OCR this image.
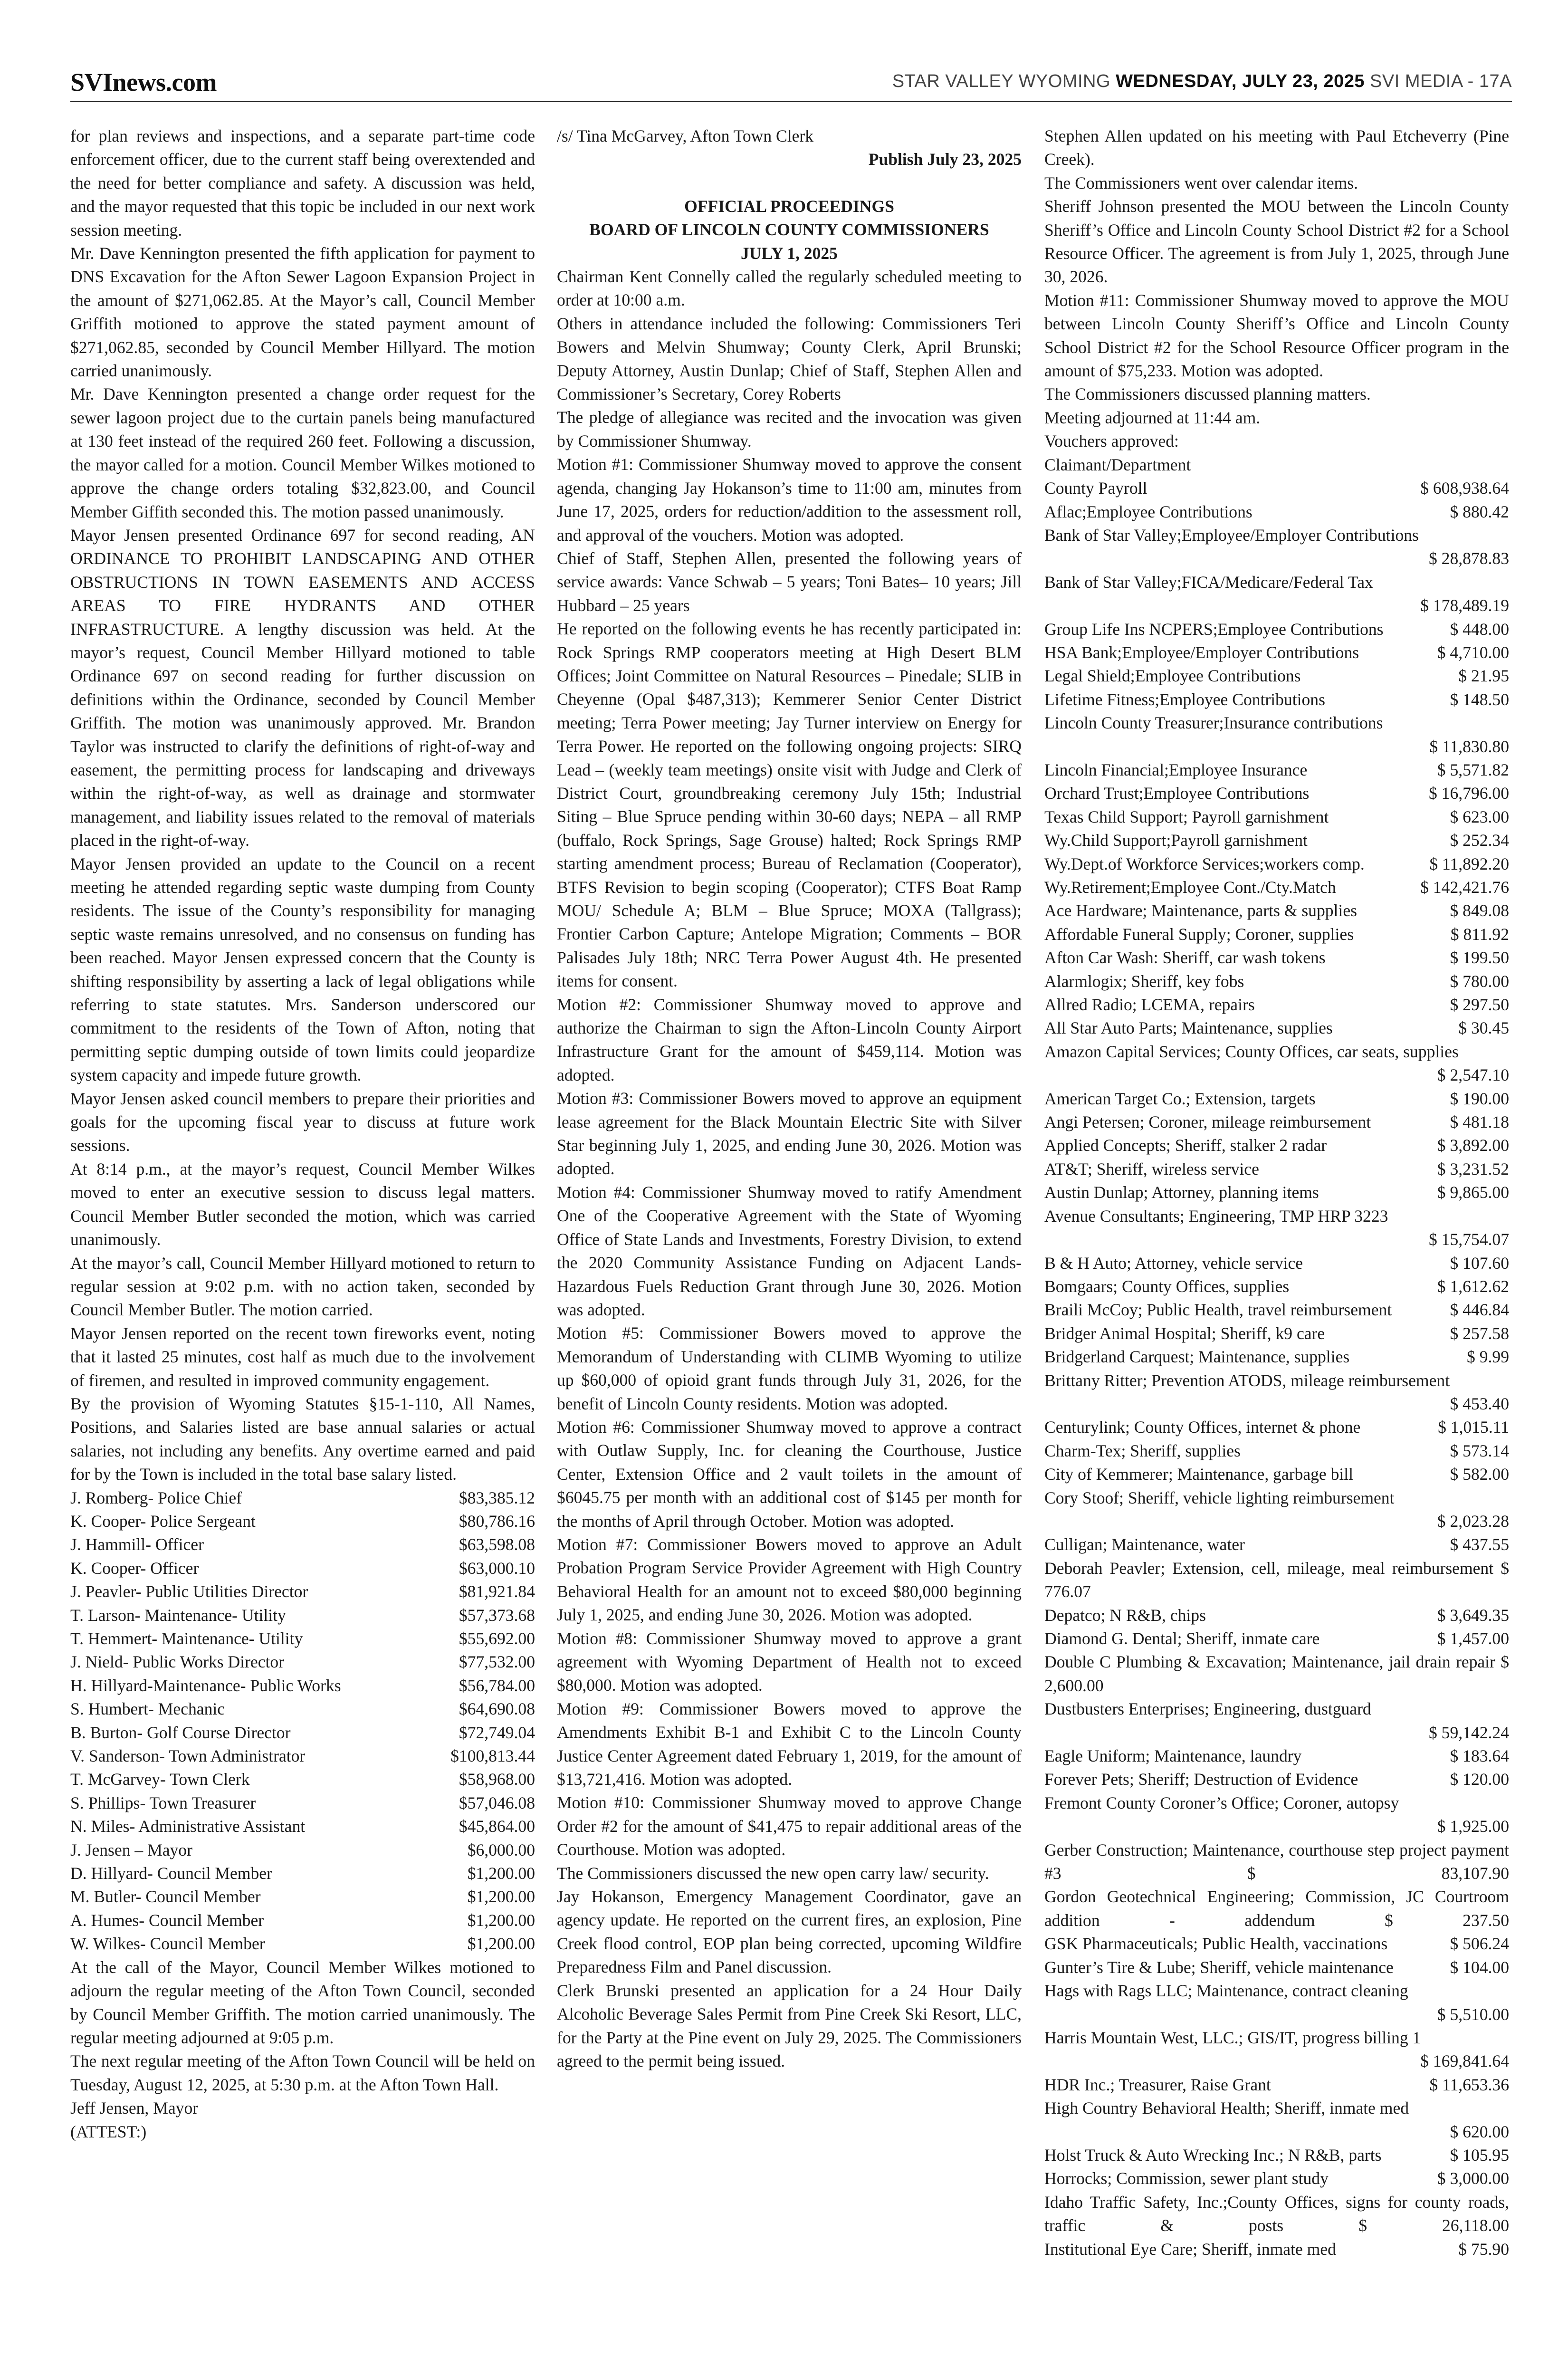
SVInews.com	STAR VALLEY WYOMING WEDNESDAY, JULY 23, 2025 SVI MEDIA - 17A

for plan reviews and inspections, and a separate part-time code enforcement officer, due to the current staff being overextended and the need for better compliance and safety. A discussion was held, and the mayor requested that this topic be included in our next work session meeting.

Mr. Dave Kennington presented the fifth application for payment to DNS Excavation for the Afton Sewer Lagoon Expansion Project in the amount of $271,062.85. At the Mayor’s call, Council Member Griffith motioned to approve the stated payment amount of $271,062.85, seconded by Council Member Hillyard. The motion carried unanimously.

Mr. Dave Kennington presented a change order request for the sewer lagoon project due to the curtain panels being manufactured at 130 feet instead of the required 260 feet. Following a discussion, the mayor called for a motion. Council Member Wilkes motioned to approve the change orders totaling $32,823.00, and Council Member Giffith seconded this. The motion passed unanimously.

Mayor Jensen presented Ordinance 697 for second reading, AN ORDINANCE TO PROHIBIT LANDSCAPING AND OTHER OBSTRUCTIONS IN TOWN EASEMENTS AND ACCESS AREAS TO FIRE HYDRANTS AND OTHER INFRASTRUCTURE. A lengthy discussion was held. At the mayor’s request, Council Member Hillyard motioned to table Ordinance 697 on second reading for further discussion on definitions within the Ordinance, seconded by Council Member Griffith. The motion was unanimously approved. Mr. Brandon Taylor was instructed to clarify the definitions of right-of-way and easement, the permitting process for landscaping and driveways within the right-of-way, as well as drainage and stormwater management, and liability issues related to the removal of materials placed in the right-of-way.

Mayor Jensen provided an update to the Council on a recent meeting he attended regarding septic waste dumping from County residents. The issue of the County’s responsibility for managing septic waste remains unresolved, and no consensus on funding has been reached. Mayor Jensen expressed concern that the County is shifting responsibility by asserting a lack of legal obligations while referring to state statutes. Mrs. Sanderson underscored our commitment to the residents of the Town of Afton, noting that permitting septic dumping outside of town limits could jeopardize system capacity and impede future growth.

Mayor Jensen asked council members to prepare their priorities and goals for the upcoming fiscal year to discuss at future work sessions.

At 8:14 p.m., at the mayor’s request, Council Member Wilkes moved to enter an executive session to discuss legal matters. Council Member Butler seconded the motion, which was carried unanimously.

At the mayor’s call, Council Member Hillyard motioned to return to regular session at 9:02 p.m. with no action taken, seconded by Council Member Butler. The motion carried.

Mayor Jensen reported on the recent town fireworks event, noting that it lasted 25 minutes, cost half as much due to the involvement of firemen, and resulted in improved community engagement.

By the provision of Wyoming Statutes §15-1-110, All Names, Positions, and Salaries listed are base annual salaries or actual salaries, not including any benefits. Any overtime earned and paid for by the Town is included in the total base salary listed.

J. Romberg- Police Chief	$83,385.12
K. Cooper- Police Sergeant	$80,786.16
J. Hammill- Officer	$63,598.08
K. Cooper- Officer	$63,000.10
J. Peavler- Public Utilities Director	$81,921.84
T. Larson- Maintenance- Utility	$57,373.68
T. Hemmert- Maintenance- Utility	$55,692.00
J. Nield- Public Works Director	$77,532.00
H. Hillyard-Maintenance- Public Works	$56,784.00
S. Humbert- Mechanic	$64,690.08
B. Burton- Golf Course Director	$72,749.04
V. Sanderson- Town Administrator	$100,813.44
T. McGarvey- Town Clerk	$58,968.00
S. Phillips- Town Treasurer	$57,046.08
N. Miles- Administrative Assistant	$45,864.00
J. Jensen – Mayor	$6,000.00
D. Hillyard- Council Member	$1,200.00
M. Butler- Council Member	$1,200.00
A. Humes- Council Member	$1,200.00
W. Wilkes- Council Member	$1,200.00

At the call of the Mayor, Council Member Wilkes motioned to adjourn the regular meeting of the Afton Town Council, seconded by Council Member Griffith. The motion carried unanimously. The regular meeting adjourned at 9:05 p.m.

The next regular meeting of the Afton Town Council will be held on Tuesday, August 12, 2025, at 5:30 p.m. at the Afton Town Hall.

Jeff Jensen, Mayor

(ATTEST:)

/s/ Tina McGarvey, Afton Town Clerk

Publish July 23, 2025

OFFICIAL PROCEEDINGS

BOARD OF LINCOLN COUNTY COMMISSIONERS

JULY 1, 2025

Chairman Kent Connelly called the regularly scheduled meeting to order at 10:00 a.m.

Others in attendance included the following: Commissioners Teri Bowers and Melvin Shumway; County Clerk, April Brunski; Deputy Attorney, Austin Dunlap; Chief of Staff, Stephen Allen and Commissioner’s Secretary, Corey Roberts

The pledge of allegiance was recited and the invocation was given by Commissioner Shumway.

Motion #1: Commissioner Shumway moved to approve the consent agenda, changing Jay Hokanson’s time to 11:00 am, minutes from June 17, 2025, orders for reduction/addition to the assessment roll, and approval of the vouchers. Motion was adopted.

Chief of Staff, Stephen Allen, presented the following years of service awards: Vance Schwab – 5 years; Toni Bates– 10 years; Jill Hubbard – 25 years

He reported on the following events he has recently participated in: Rock Springs RMP cooperators meeting at High Desert BLM Offices; Joint Committee on Natural Resources – Pinedale; SLIB in Cheyenne (Opal $487,313); Kemmerer Senior Center District meeting; Terra Power meeting; Jay Turner interview on Energy for Terra Power. He reported on the following ongoing projects: SIRQ Lead – (weekly team meetings) onsite visit with Judge and Clerk of District Court, groundbreaking ceremony July 15th; Industrial Siting – Blue Spruce pending within 30-60 days; NEPA – all RMP (buffalo, Rock Springs, Sage Grouse) halted; Rock Springs RMP starting amendment process; Bureau of Reclamation (Cooperator), BTFS Revision to begin scoping (Cooperator); CTFS Boat Ramp MOU/ Schedule A; BLM – Blue Spruce; MOXA (Tallgrass); Frontier Carbon Capture; Antelope Migration; Comments – BOR Palisades July 18th; NRC Terra Power August 4th. He presented items for consent.

Motion #2: Commissioner Shumway moved to approve and authorize the Chairman to sign the Afton-Lincoln County Airport Infrastructure Grant for the amount of $459,114. Motion was adopted.

Motion #3: Commissioner Bowers moved to approve an equipment lease agreement for the Black Mountain Electric Site with Silver Star beginning July 1, 2025, and ending June 30, 2026. Motion was adopted.

Motion #4: Commissioner Shumway moved to ratify Amendment One of the Cooperative Agreement with the State of Wyoming Office of State Lands and Investments, Forestry Division, to extend the 2020 Community Assistance Funding on Adjacent Lands-Hazardous Fuels Reduction Grant through June 30, 2026. Motion was adopted.

Motion #5: Commissioner Bowers moved to approve the Memorandum of Understanding with CLIMB Wyoming to utilize up $60,000 of opioid grant funds through July 31, 2026, for the benefit of Lincoln County residents. Motion was adopted.

Motion #6: Commissioner Shumway moved to approve a contract with Outlaw Supply, Inc. for cleaning the Courthouse, Justice Center, Extension Office and 2 vault toilets in the amount of $6045.75 per month with an additional cost of $145 per month for the months of April through October. Motion was adopted.

Motion #7: Commissioner Bowers moved to approve an Adult Probation Program Service Provider Agreement with High Country Behavioral Health for an amount not to exceed $80,000 beginning July 1, 2025, and ending June 30, 2026. Motion was adopted.

Motion #8: Commissioner Shumway moved to approve a grant agreement with Wyoming Department of Health not to exceed $80,000. Motion was adopted.

Motion #9: Commissioner Bowers moved to approve the Amendments Exhibit B-1 and Exhibit C to the Lincoln County Justice Center Agreement dated February 1, 2019, for the amount of $13,721,416. Motion was adopted.

Motion #10: Commissioner Shumway moved to approve Change Order #2 for the amount of $41,475 to repair additional areas of the Courthouse. Motion was adopted.

The Commissioners discussed the new open carry law/ security.

Jay Hokanson, Emergency Management Coordinator, gave an agency update. He reported on the current fires, an explosion, Pine Creek flood control, EOP plan being corrected, upcoming Wildfire Preparedness Film and Panel discussion.

Clerk Brunski presented an application for a 24 Hour Daily Alcoholic Beverage Sales Permit from Pine Creek Ski Resort, LLC, for the Party at the Pine event on July 29, 2025. The Commissioners agreed to the permit being issued.

Stephen Allen updated on his meeting with Paul Etcheverry (Pine Creek).

The Commissioners went over calendar items.

Sheriff Johnson presented the MOU between the Lincoln County Sheriff’s Office and Lincoln County School District #2 for a School Resource Officer. The agreement is from July 1, 2025, through June 30, 2026.

Motion #11: Commissioner Shumway moved to approve the MOU between Lincoln County Sheriff’s Office and Lincoln County School District #2 for the School Resource Officer program in the amount of $75,233. Motion was adopted.

The Commissioners discussed planning matters.

Meeting adjourned at 11:44 am.

Vouchers approved:

Claimant/Department

County Payroll	$ 608,938.64
Aflac;Employee Contributions	$ 880.42
Bank of Star Valley;Employee/Employer Contributions
$ 28,878.83
Bank of Star Valley;FICA/Medicare/Federal Tax
$ 178,489.19
Group Life Ins NCPERS;Employee Contributions	$ 448.00
HSA Bank;Employee/Employer Contributions	$ 4,710.00
Legal Shield;Employee Contributions	$ 21.95
Lifetime Fitness;Employee Contributions	$ 148.50
Lincoln County Treasurer;Insurance contributions
$ 11,830.80
Lincoln Financial;Employee Insurance	$ 5,571.82
Orchard Trust;Employee Contributions	$ 16,796.00
Texas Child Support; Payroll garnishment	$ 623.00
Wy.Child Support;Payroll garnishment	$ 252.34
Wy.Dept.of Workforce Services;workers comp.	$ 11,892.20
Wy.Retirement;Employee Cont./Cty.Match	$ 142,421.76
Ace Hardware; Maintenance, parts & supplies	$ 849.08
Affordable Funeral Supply; Coroner, supplies	$ 811.92
Afton Car Wash: Sheriff, car wash tokens	$ 199.50
Alarmlogix; Sheriff, key fobs	$ 780.00
Allred Radio; LCEMA, repairs	$ 297.50
All Star Auto Parts; Maintenance, supplies	$ 30.45
Amazon Capital Services; County Offices, car seats, supplies
$ 2,547.10
American Target Co.; Extension, targets	$ 190.00
Angi Petersen; Coroner, mileage reimbursement	$ 481.18
Applied Concepts; Sheriff, stalker 2 radar	$ 3,892.00
AT&T; Sheriff, wireless service	$ 3,231.52
Austin Dunlap; Attorney, planning items	$ 9,865.00
Avenue Consultants; Engineering, TMP HRP 3223
$ 15,754.07
B & H Auto; Attorney, vehicle service	$ 107.60
Bomgaars; County Offices, supplies	$ 1,612.62
Braili McCoy; Public Health, travel reimbursement	$ 446.84
Bridger Animal Hospital; Sheriff, k9 care	$ 257.58
Bridgerland Carquest; Maintenance, supplies	$ 9.99
Brittany Ritter; Prevention ATODS, mileage reimbursement
$ 453.40
Centurylink; County Offices, internet & phone	$ 1,015.11
Charm-Tex; Sheriff, supplies	$ 573.14
City of Kemmerer; Maintenance, garbage bill	$ 582.00
Cory Stoof; Sheriff, vehicle lighting reimbursement
$ 2,023.28
Culligan; Maintenance, water	$ 437.55

Deborah Peavler; Extension, cell, mileage, meal reimbursement $ 776.07

Depatco; N R&B, chips	$ 3,649.35
Diamond G. Dental; Sheriff, inmate care	$ 1,457.00

Double C Plumbing & Excavation; Maintenance, jail drain repair $ 2,600.00

Dustbusters Enterprises; Engineering, dustguard
$ 59,142.24
Eagle Uniform; Maintenance, laundry	$ 183.64
Forever Pets; Sheriff; Destruction of Evidence	$ 120.00
Fremont County Coroner’s Office; Coroner, autopsy
$ 1,925.00

Gerber Construction; Maintenance, courthouse step project payment #3 $ 83,107.90

Gordon Geotechnical Engineering; Commission, JC Courtroom addition - addendum $ 237.50

GSK Pharmaceuticals; Public Health, vaccinations	$ 506.24
Gunter’s Tire & Lube; Sheriff, vehicle maintenance	$ 104.00
Hags with Rags LLC; Maintenance, contract cleaning
$ 5,510.00
Harris Mountain West, LLC.; GIS/IT, progress billing 1
$ 169,841.64
HDR Inc.; Treasurer, Raise Grant	$ 11,653.36
High Country Behavioral Health; Sheriff, inmate med
$ 620.00
Holst Truck & Auto Wrecking Inc.; N R&B, parts	$ 105.95
Horrocks; Commission, sewer plant study	$ 3,000.00

Idaho Traffic Safety, Inc.;County Offices, signs for county roads, traffic & posts $ 26,118.00

Institutional Eye Care; Sheriff, inmate med	$ 75.90
